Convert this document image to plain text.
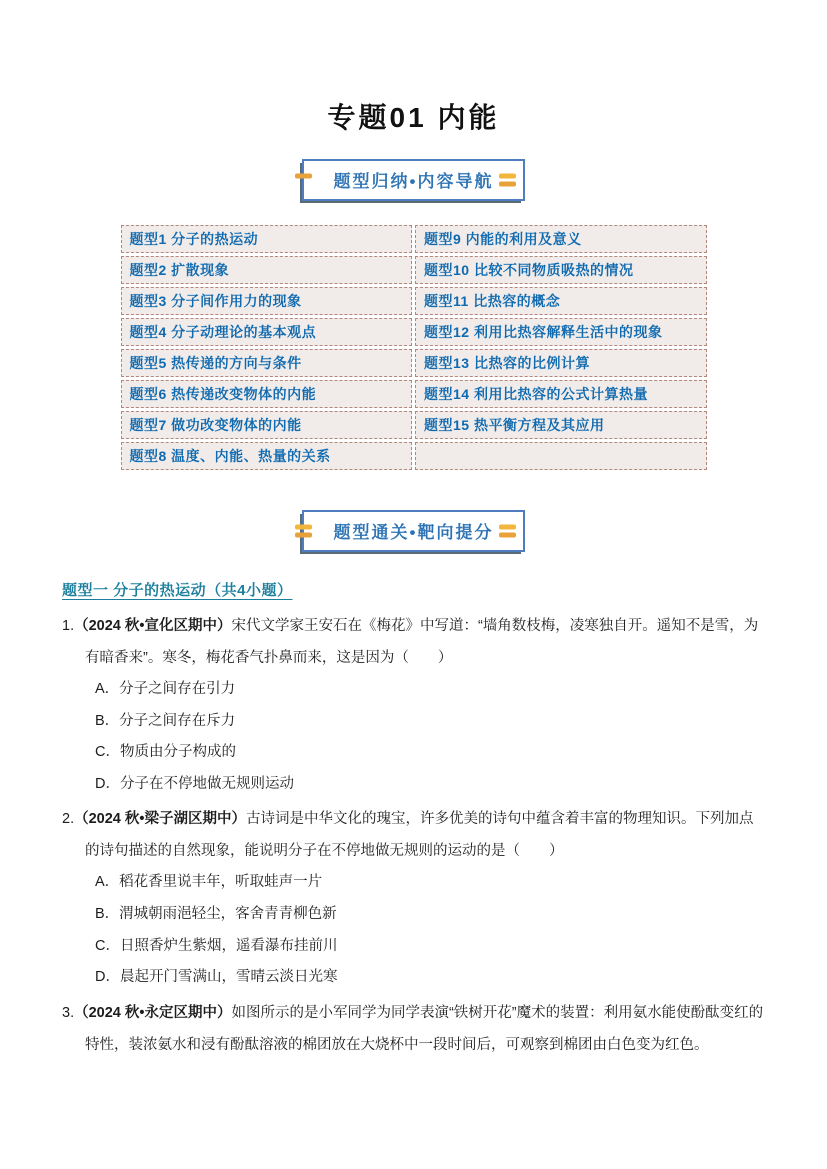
专题01 内能
题型归纳•内容导航
题型1 分子的热运动	题型9 内能的利用及意义
题型2 扩散现象	题型10 比较不同物质吸热的情况
题型3 分子间作用力的现象	题型11 比热容的概念
题型4 分子动理论的基本观点	题型12 利用比热容解释生活中的现象
题型5 热传递的方向与条件	题型13 比热容的比例计算
题型6 热传递改变物体的内能	题型14 利用比热容的公式计算热量
题型7 做功改变物体的内能	题型15 热平衡方程及其应用
题型8 温度、内能、热量的关系	
题型通关•靶向提分
题型一 分子的热运动（共4小题）
1.（2024 秋•宣化区期中）宋代文学家王安石在《梅花》中写道：“墙角数枝梅，凌寒独自开。遥知不是雪，为有暗香来”。寒冬，梅花香气扑鼻而来，这是因为（　　）
A．分子之间存在引力
B．分子之间存在斥力
C．物质由分子构成的
D．分子在不停地做无规则运动
2.（2024 秋•梁子湖区期中）古诗词是中华文化的瑰宝，许多优美的诗句中蕴含着丰富的物理知识。下列加点的诗句描述的自然现象，能说明分子在不停地做无规则的运动的是（　　）
A．稻花香里说丰年，听取蛙声一片
B．渭城朝雨浥轻尘，客舍青青柳色新
C．日照香炉生紫烟，遥看瀑布挂前川
D．晨起开门雪满山，雪晴云淡日光寒
3.（2024 秋•永定区期中）如图所示的是小军同学为同学表演“铁树开花”魔术的装置：利用氨水能使酚酞变红的特性，装浓氨水和浸有酚酞溶液的棉团放在大烧杯中一段时间后，可观察到棉团由白色变为红色。
